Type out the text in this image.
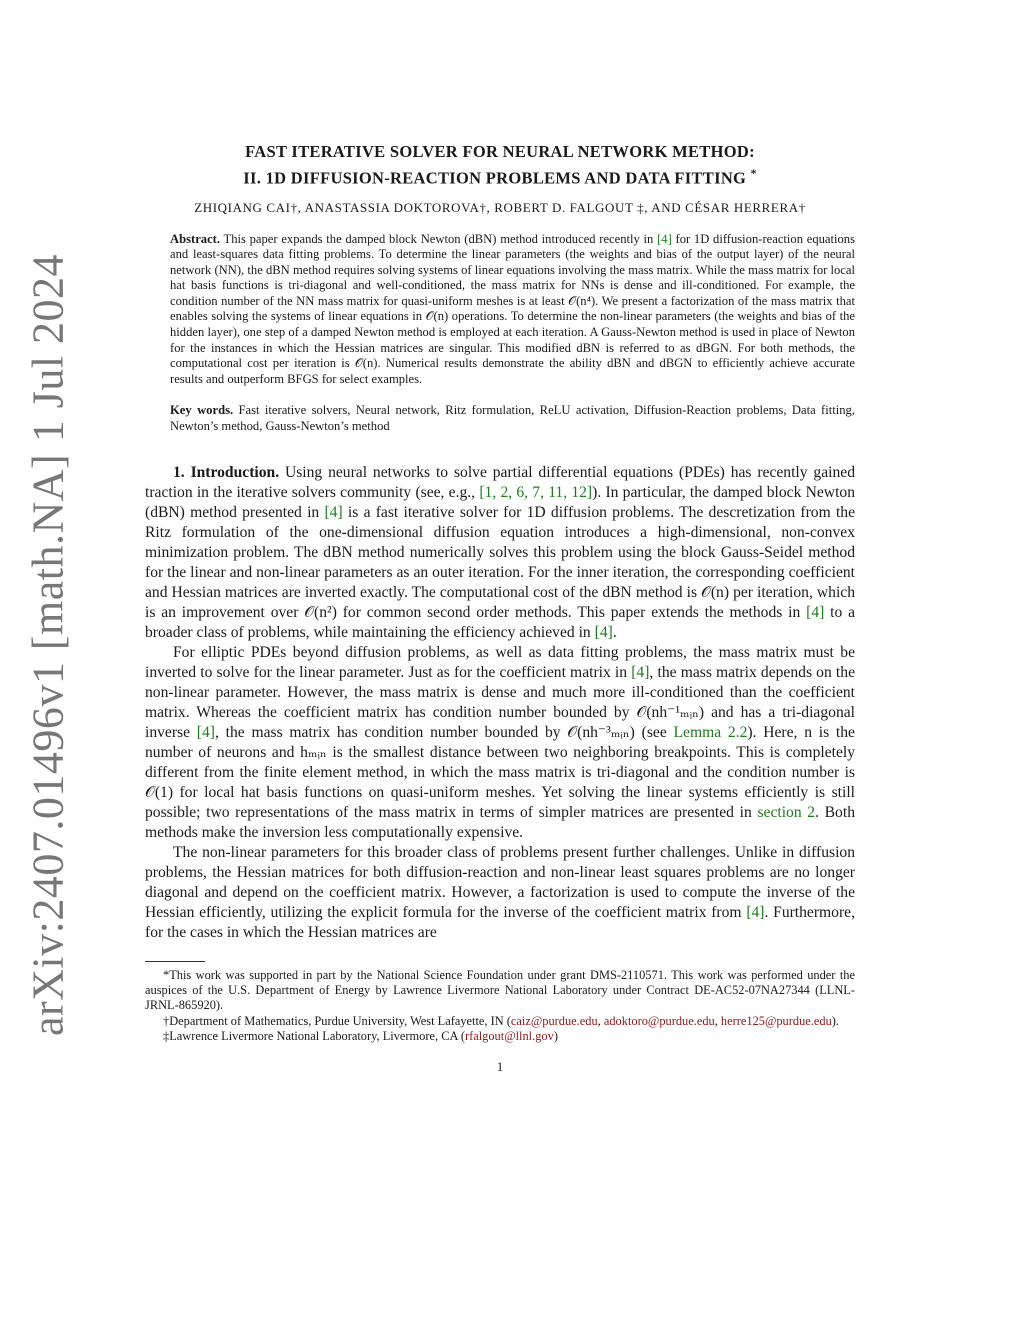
arXiv:2407.01496v1 [math.NA] 1 Jul 2024

FAST ITERATIVE SOLVER FOR NEURAL NETWORK METHOD:

II. 1D DIFFUSION-REACTION PROBLEMS AND DATA FITTING *

ZHIQIANG CAI†, ANASTASSIA DOKTOROVA†, ROBERT D. FALGOUT ‡, AND CÉSAR HERRERA†

Abstract. This paper expands the damped block Newton (dBN) method introduced recently in [4] for 1D diffusion-reaction equations and least-squares data fitting problems. To determine the linear parameters (the weights and bias of the output layer) of the neural network (NN), the dBN method requires solving systems of linear equations involving the mass matrix. While the mass matrix for local hat basis functions is tri-diagonal and well-conditioned, the mass matrix for NNs is dense and ill-conditioned. For example, the condition number of the NN mass matrix for quasi-uniform meshes is at least 𝒪(n⁴). We present a factorization of the mass matrix that enables solving the systems of linear equations in 𝒪(n) operations. To determine the non-linear parameters (the weights and bias of the hidden layer), one step of a damped Newton method is employed at each iteration. A Gauss-Newton method is used in place of Newton for the instances in which the Hessian matrices are singular. This modified dBN is referred to as dBGN. For both methods, the computational cost per iteration is 𝒪(n). Numerical results demonstrate the ability dBN and dBGN to efficiently achieve accurate results and outperform BFGS for select examples.

Key words. Fast iterative solvers, Neural network, Ritz formulation, ReLU activation, Diffusion-Reaction problems, Data fitting, Newton’s method, Gauss-Newton’s method

1. Introduction. Using neural networks to solve partial differential equations (PDEs) has recently gained traction in the iterative solvers community (see, e.g., [1, 2, 6, 7, 11, 12]). In particular, the damped block Newton (dBN) method presented in [4] is a fast iterative solver for 1D diffusion problems. The descretization from the Ritz formulation of the one-dimensional diffusion equation introduces a high-dimensional, non-convex minimization problem. The dBN method numerically solves this problem using the block Gauss-Seidel method for the linear and non-linear parameters as an outer iteration. For the inner iteration, the corresponding coefficient and Hessian matrices are inverted exactly. The computational cost of the dBN method is 𝒪(n) per iteration, which is an improvement over 𝒪(n²) for common second order methods. This paper extends the methods in [4] to a broader class of problems, while maintaining the efficiency achieved in [4].

For elliptic PDEs beyond diffusion problems, as well as data fitting problems, the mass matrix must be inverted to solve for the linear parameter. Just as for the coefficient matrix in [4], the mass matrix depends on the non-linear parameter. However, the mass matrix is dense and much more ill-conditioned than the coefficient matrix. Whereas the coefficient matrix has condition number bounded by 𝒪(nh⁻¹ₘᵢₙ) and has a tri-diagonal inverse [4], the mass matrix has condition number bounded by 𝒪(nh⁻³ₘᵢₙ) (see Lemma 2.2). Here, n is the number of neurons and hₘᵢₙ is the smallest distance between two neighboring breakpoints. This is completely different from the finite element method, in which the mass matrix is tri-diagonal and the condition number is 𝒪(1) for local hat basis functions on quasi-uniform meshes. Yet solving the linear systems efficiently is still possible; two representations of the mass matrix in terms of simpler matrices are presented in section 2. Both methods make the inversion less computationally expensive.

The non-linear parameters for this broader class of problems present further challenges. Unlike in diffusion problems, the Hessian matrices for both diffusion-reaction and non-linear least squares problems are no longer diagonal and depend on the coefficient matrix. However, a factorization is used to compute the inverse of the Hessian efficiently, utilizing the explicit formula for the inverse of the coefficient matrix from [4]. Furthermore, for the cases in which the Hessian matrices are

*This work was supported in part by the National Science Foundation under grant DMS-2110571. This work was performed under the auspices of the U.S. Department of Energy by Lawrence Livermore National Laboratory under Contract DE-AC52-07NA27344 (LLNL-JRNL-865920).

†Department of Mathematics, Purdue University, West Lafayette, IN (caiz@purdue.edu, adoktoro@purdue.edu, herre125@purdue.edu).

‡Lawrence Livermore National Laboratory, Livermore, CA (rfalgout@llnl.gov)

1
